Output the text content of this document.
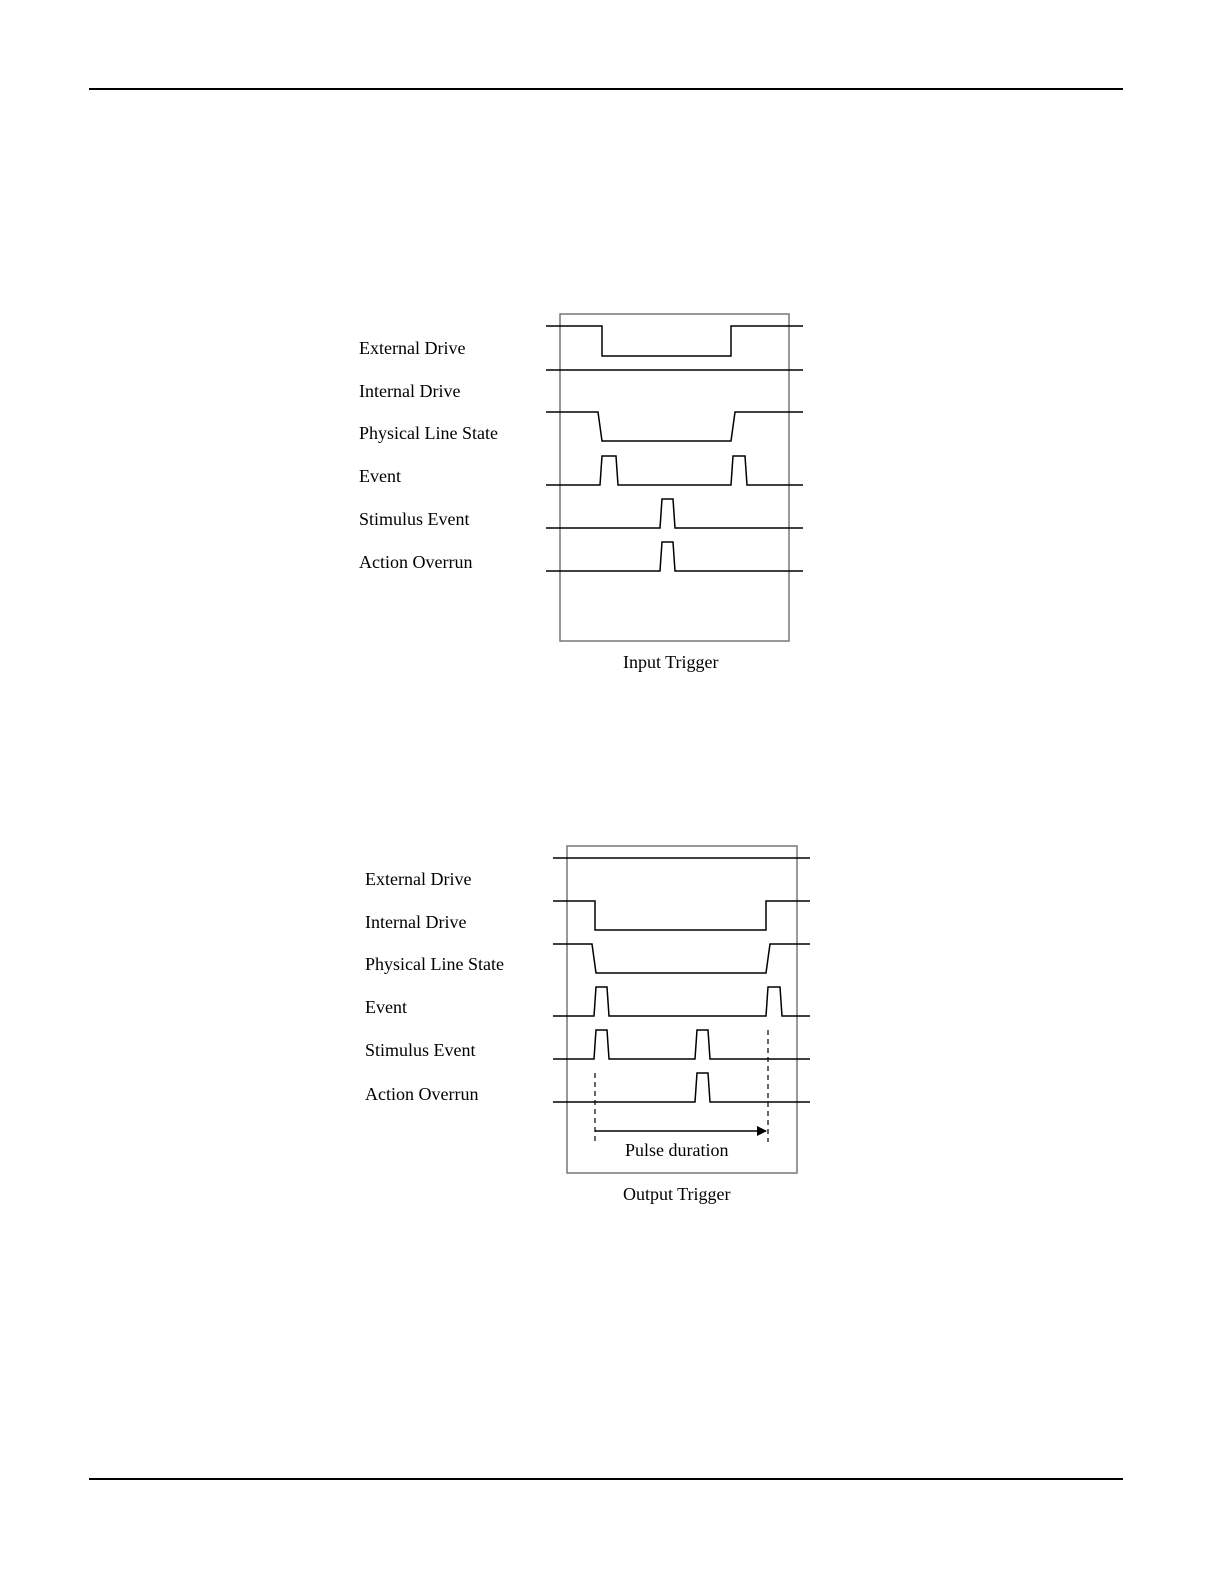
External Drive
Internal Drive
Physical Line State
Event
Stimulus Event
Action Overrun
Input Trigger
External Drive
Internal Drive
Physical Line State
Event
Stimulus Event
Action Overrun
Pulse duration
Output Trigger
